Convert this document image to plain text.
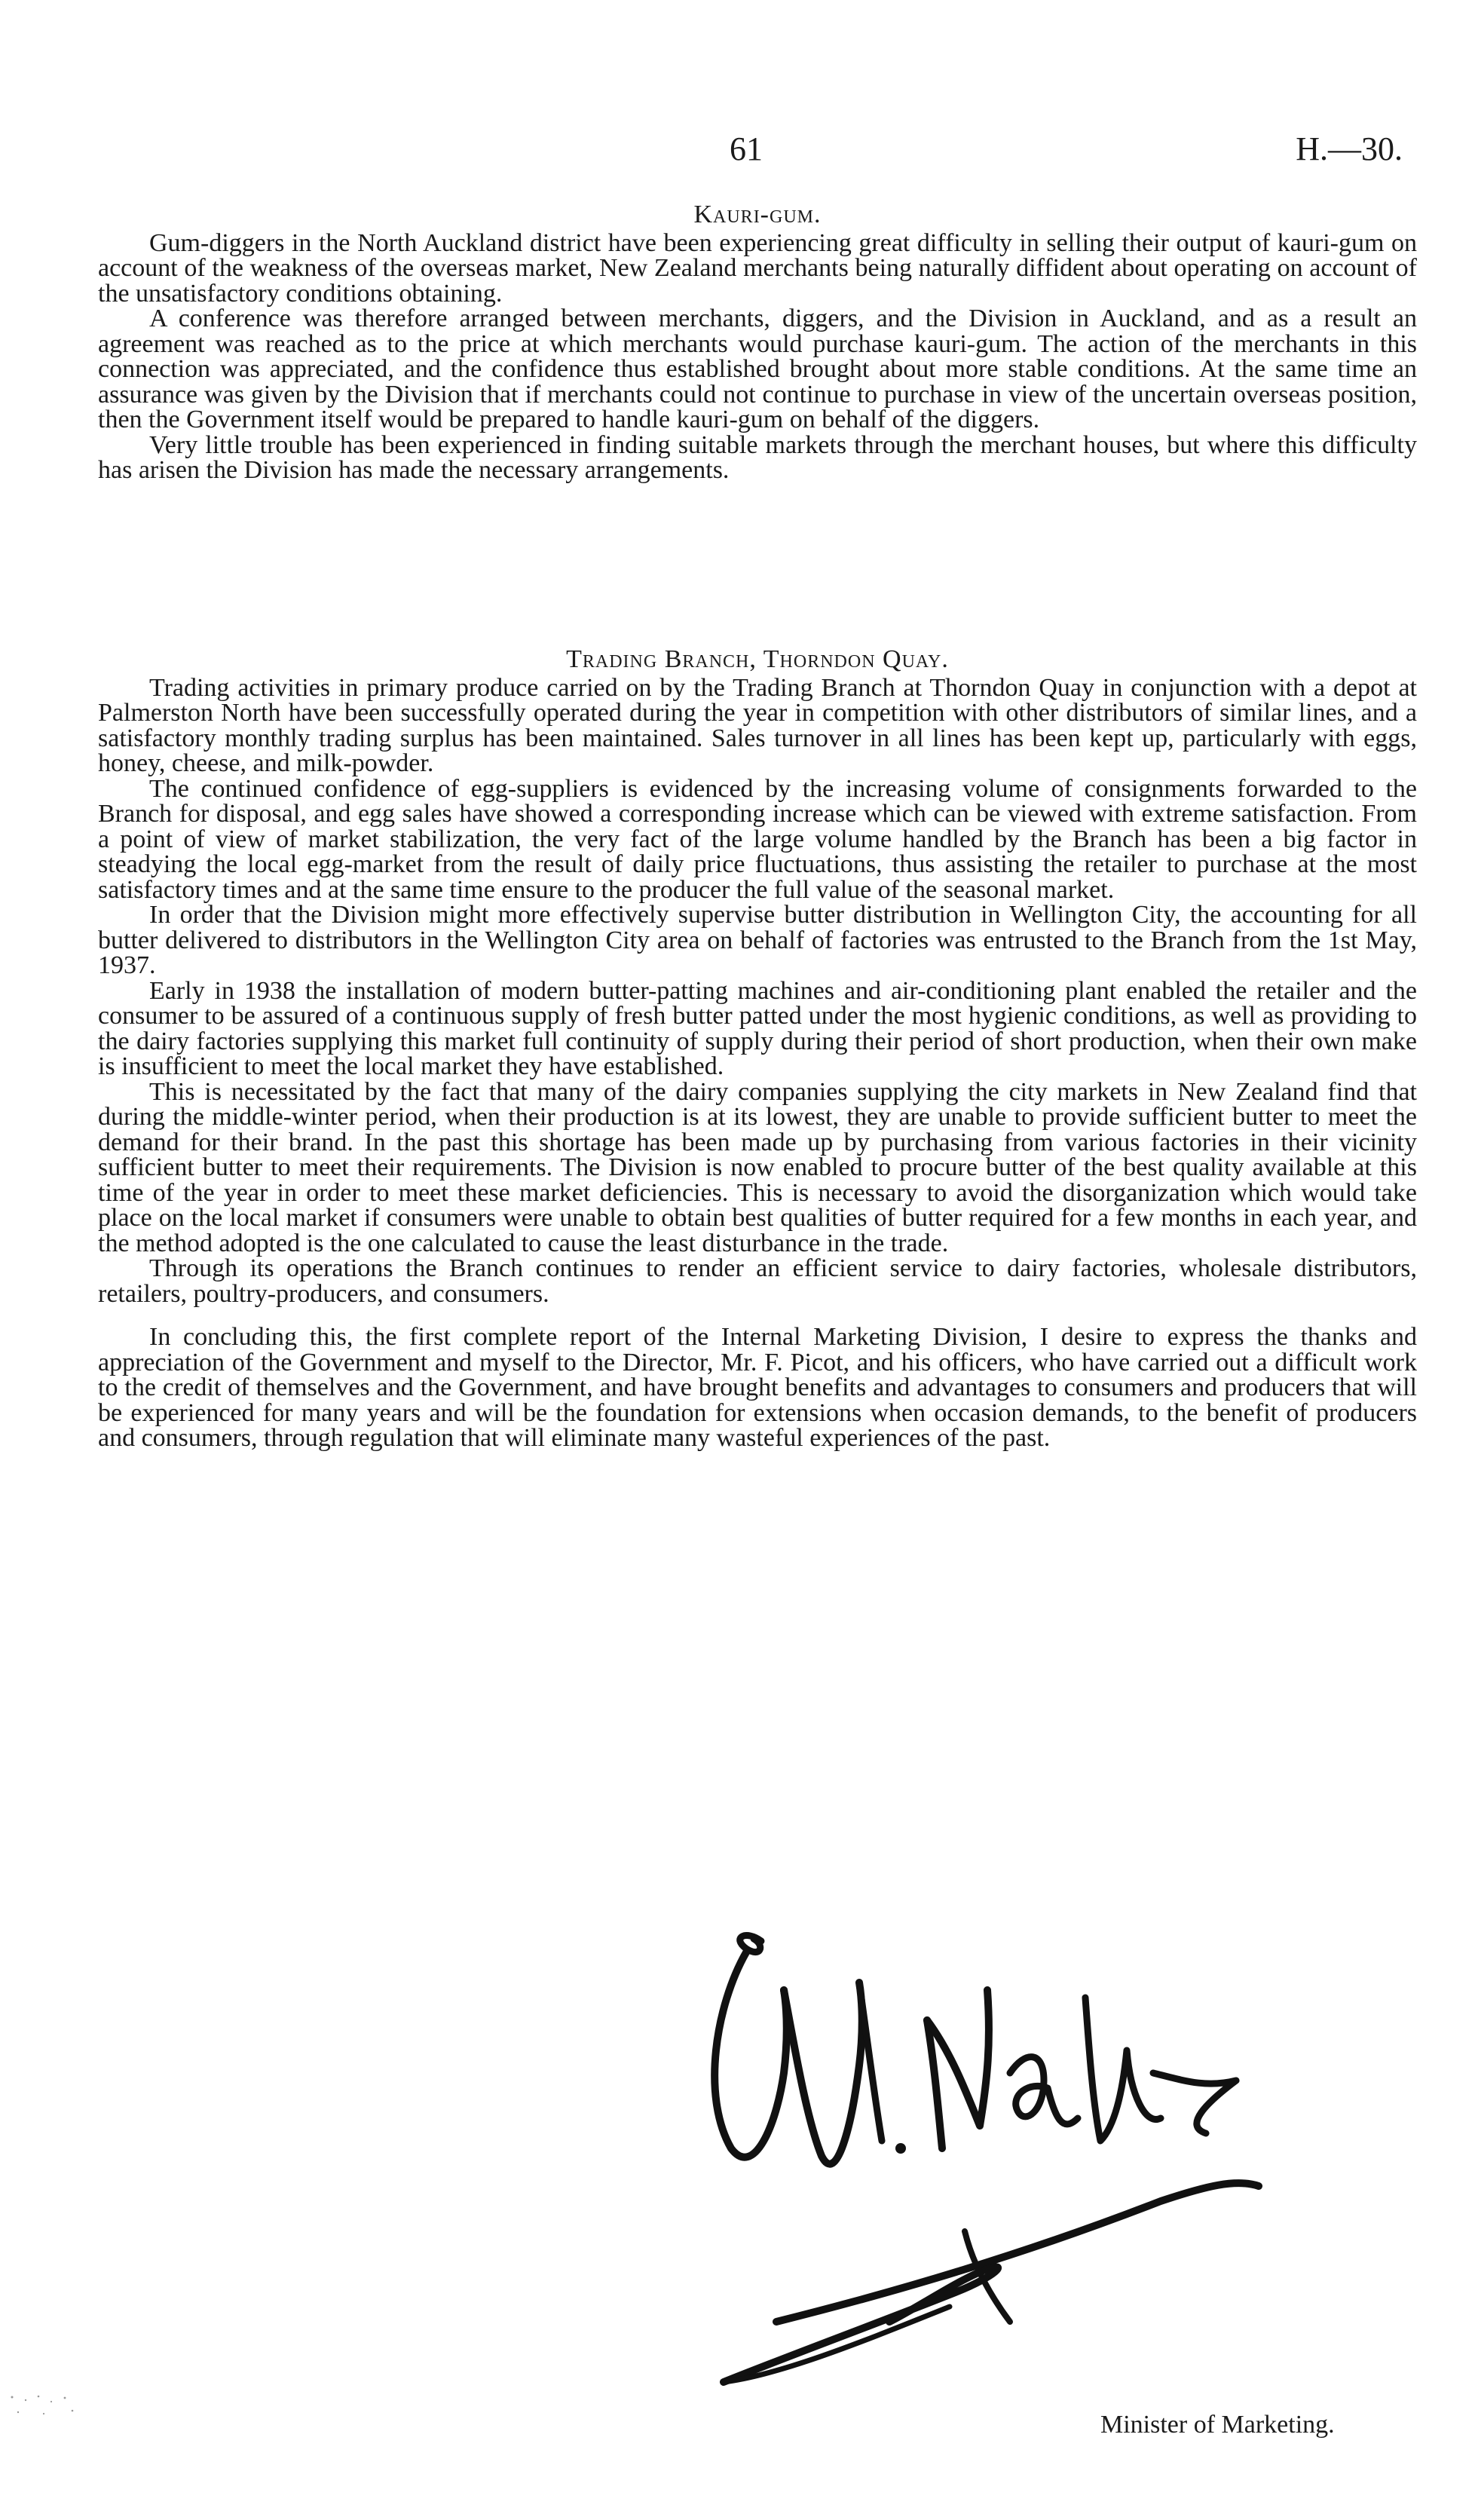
61	H.—30.
Kauri-gum.

Gum-diggers in the North Auckland district have been experiencing great difficulty in selling their output of kauri-gum on account of the weakness of the overseas market, New Zealand merchants being naturally diffident about operating on account of the unsatisfactory conditions obtaining.

A conference was therefore arranged between merchants, diggers, and the Division in Auckland, and as a result an agreement was reached as to the price at which merchants would purchase kauri-gum. The action of the merchants in this connection was appreciated, and the confidence thus established brought about more stable conditions. At the same time an assurance was given by the Division that if merchants could not continue to purchase in view of the uncertain overseas position, then the Government itself would be prepared to handle kauri-gum on behalf of the diggers.

Very little trouble has been experienced in finding suitable markets through the merchant houses, but where this difficulty has arisen the Division has made the necessary arrangements.

Trading Branch, Thorndon Quay.

Trading activities in primary produce carried on by the Trading Branch at Thorndon Quay in conjunction with a depot at Palmerston North have been successfully operated during the year in competition with other distributors of similar lines, and a satisfactory monthly trading surplus has been maintained. Sales turnover in all lines has been kept up, particularly with eggs, honey, cheese, and milk-powder.

The continued confidence of egg-suppliers is evidenced by the increasing volume of consignments forwarded to the Branch for disposal, and egg sales have showed a corresponding increase which can be viewed with extreme satisfaction. From a point of view of market stabilization, the very fact of the large volume handled by the Branch has been a big factor in steadying the local egg-market from the result of daily price fluctuations, thus assisting the retailer to purchase at the most satisfactory times and at the same time ensure to the producer the full value of the seasonal market.

In order that the Division might more effectively supervise butter distribution in Wellington City, the accounting for all butter delivered to distributors in the Wellington City area on behalf of factories was entrusted to the Branch from the 1st May, 1937.

Early in 1938 the installation of modern butter-patting machines and air-conditioning plant enabled the retailer and the consumer to be assured of a continuous supply of fresh butter patted under the most hygienic conditions, as well as providing to the dairy factories supplying this market full continuity of supply during their period of short production, when their own make is insufficient to meet the local market they have established.

This is necessitated by the fact that many of the dairy companies supplying the city markets in New Zealand find that during the middle-winter period, when their production is at its lowest, they are unable to provide sufficient butter to meet the demand for their brand. In the past this shortage has been made up by purchasing from various factories in their vicinity sufficient butter to meet their requirements. The Division is now enabled to procure butter of the best quality available at this time of the year in order to meet these market deficiencies. This is necessary to avoid the disorganization which would take place on the local market if consumers were unable to obtain best qualities of butter required for a few months in each year, and the method adopted is the one calculated to cause the least disturbance in the trade.

Through its operations the Branch continues to render an efficient service to dairy factories, wholesale distributors, retailers, poultry-producers, and consumers.

In concluding this, the first complete report of the Internal Marketing Division, I desire to express the thanks and appreciation of the Government and myself to the Director, Mr. F. Picot, and his officers, who have carried out a difficult work to the credit of themselves and the Government, and have brought benefits and advantages to consumers and producers that will be experienced for many years and will be the foundation for extensions when occasion demands, to the benefit of producers and consumers, through regulation that will eliminate many wasteful experiences of the past.

Minister of Marketing.
